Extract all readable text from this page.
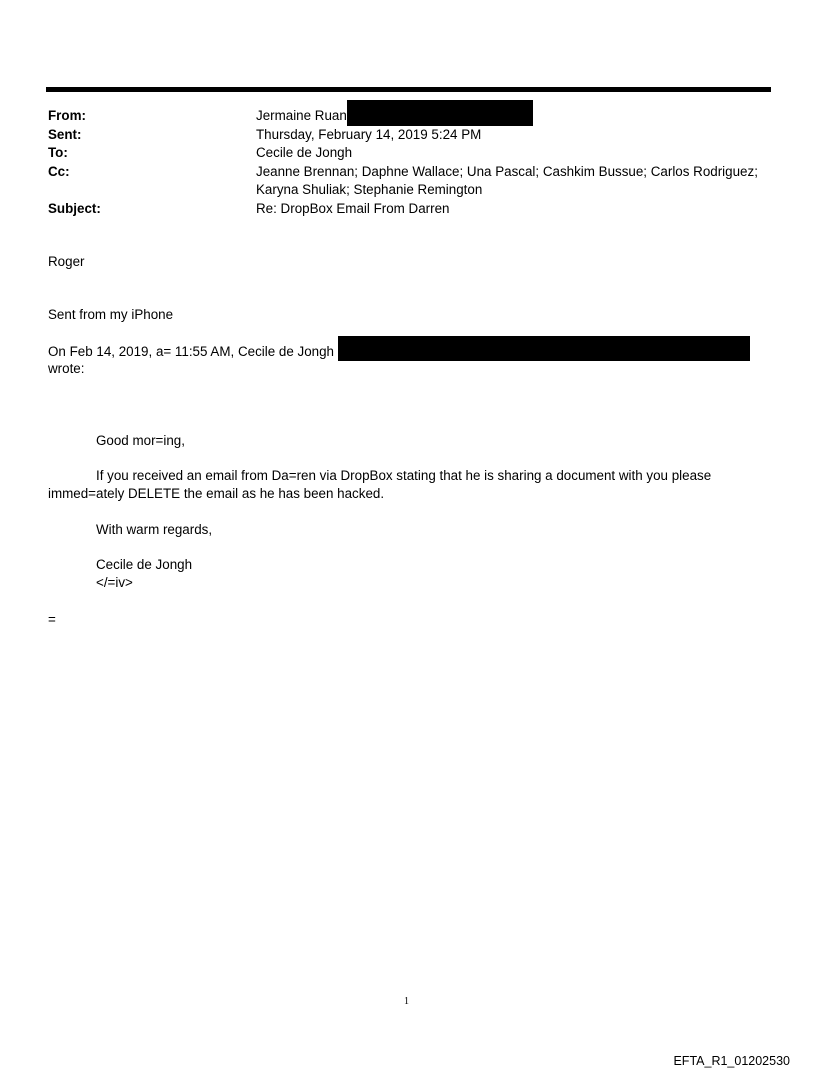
From:	Jermaine Ruan
Sent:	Thursday, February 14, 2019 5:24 PM
To:	Cecile de Jongh
Cc:	Jeanne Brennan; Daphne Wallace; Una Pascal; Cashkim Bussue; Carlos Rodriguez;
Karyna Shuliak; Stephanie Remington
Subject:	Re: DropBox Email From Darren
Roger
Sent from my iPhone
On Feb 14, 2019, a= 11:55 AM, Cecile de Jongh
wrote:
Good mor=ing,
If you received an email from Da=ren via DropBox stating that he is sharing a document with you please
immed=ately DELETE the email as he has been hacked.
With warm regards,
Cecile de Jongh
</=iv>
=
1
EFTA_R1_01202530
